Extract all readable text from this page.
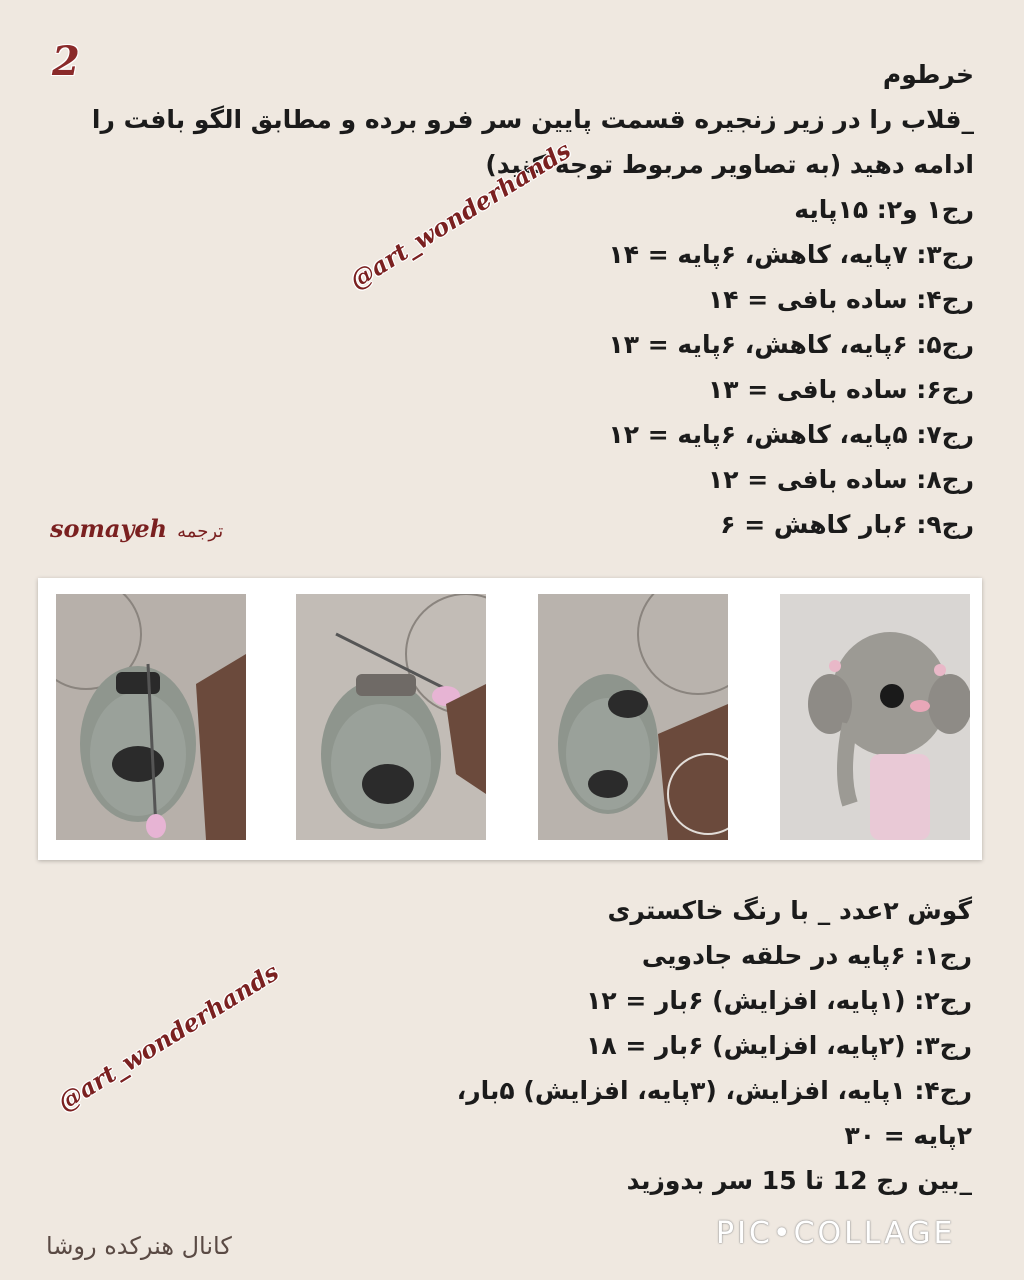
2	خرطوم
_قلاب را در زیر زنجیره قسمت پایین سر فرو برده و مطابق الگو بافت را
ادامه دهید (به تصاویر مربوط توجه کنید)
رج۱ و۲: ۱۵پایه
رج۳: ۷پایه، کاهش، ۶پایه = ۱۴
رج۴: ساده بافی = ۱۴
رج۵: ۶پایه، کاهش، ۶پایه = ۱۳
رج۶: ساده بافی = ۱۳
رج۷: ۵پایه، کاهش، ۶پایه = ۱۲
رج۸: ساده بافی = ۱۲
رج۹: ۶بار کاهش = ۶
@art_wonderhands
somayeh ترجمه
گوش ۲عدد _ با رنگ خاکستری
رج۱: ۶پایه در حلقه جادویی
رج۲: (۱پایه، افزایش) ۶بار = ۱۲
رج۳: (۲پایه، افزایش) ۶بار = ۱۸
رج۴: ۱پایه، افزایش، (۳پایه، افزایش) ۵بار،
۲پایه = ۳۰
_بین رج 12 تا 15 سر بدوزید
@art_wonderhands
کانال هنرکده روشا	PIC•COLLAGE
